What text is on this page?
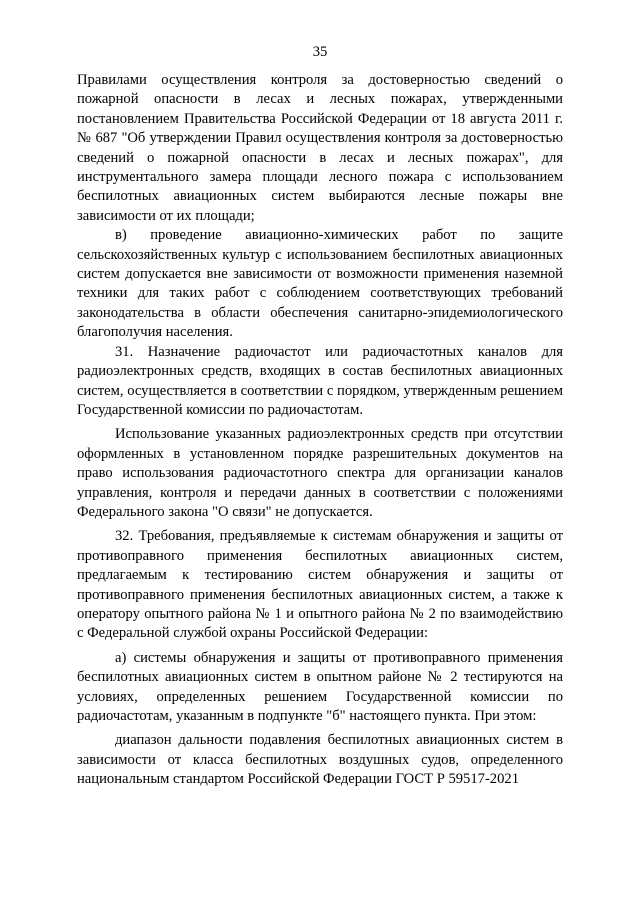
35

Правилами осуществления контроля за достоверностью сведений о пожарной опасности в лесах и лесных пожарах, утвержденными постановлением Правительства Российской Федерации от 18 августа 2011 г. № 687 "Об утверждении Правил осуществления контроля за достоверностью сведений о пожарной опасности в лесах и лесных пожарах", для инструментального замера площади лесного пожара с использованием беспилотных авиационных систем выбираются лесные пожары вне зависимости от их площади;

в) проведение авиационно-химических работ по защите сельскохозяйственных культур с использованием беспилотных авиационных систем допускается вне зависимости от возможности применения наземной техники для таких работ с соблюдением соответствующих требований законодательства в области обеспечения санитарно-эпидемиологического благополучия населения.

31. Назначение радиочастот или радиочастотных каналов для радиоэлектронных средств, входящих в состав беспилотных авиационных систем, осуществляется в соответствии с порядком, утвержденным решением Государственной комиссии по радиочастотам.

Использование указанных радиоэлектронных средств при отсутствии оформленных в установленном порядке разрешительных документов на право использования радиочастотного спектра для организации каналов управления, контроля и передачи данных в соответствии с положениями Федерального закона "О связи" не допускается.

32. Требования, предъявляемые к системам обнаружения и защиты от противоправного применения беспилотных авиационных систем, предлагаемым к тестированию систем обнаружения и защиты от противоправного применения беспилотных авиационных систем, а также к оператору опытного района № 1 и опытного района № 2 по взаимодействию с Федеральной службой охраны Российской Федерации:

а) системы обнаружения и защиты от противоправного применения беспилотных авиационных систем в опытном районе № 2 тестируются на условиях, определенных решением Государственной комиссии по радиочастотам, указанным в подпункте "б" настоящего пункта. При этом:

диапазон дальности подавления беспилотных авиационных систем в зависимости от класса беспилотных воздушных судов, определенного национальным стандартом Российской Федерации ГОСТ Р 59517-2021
